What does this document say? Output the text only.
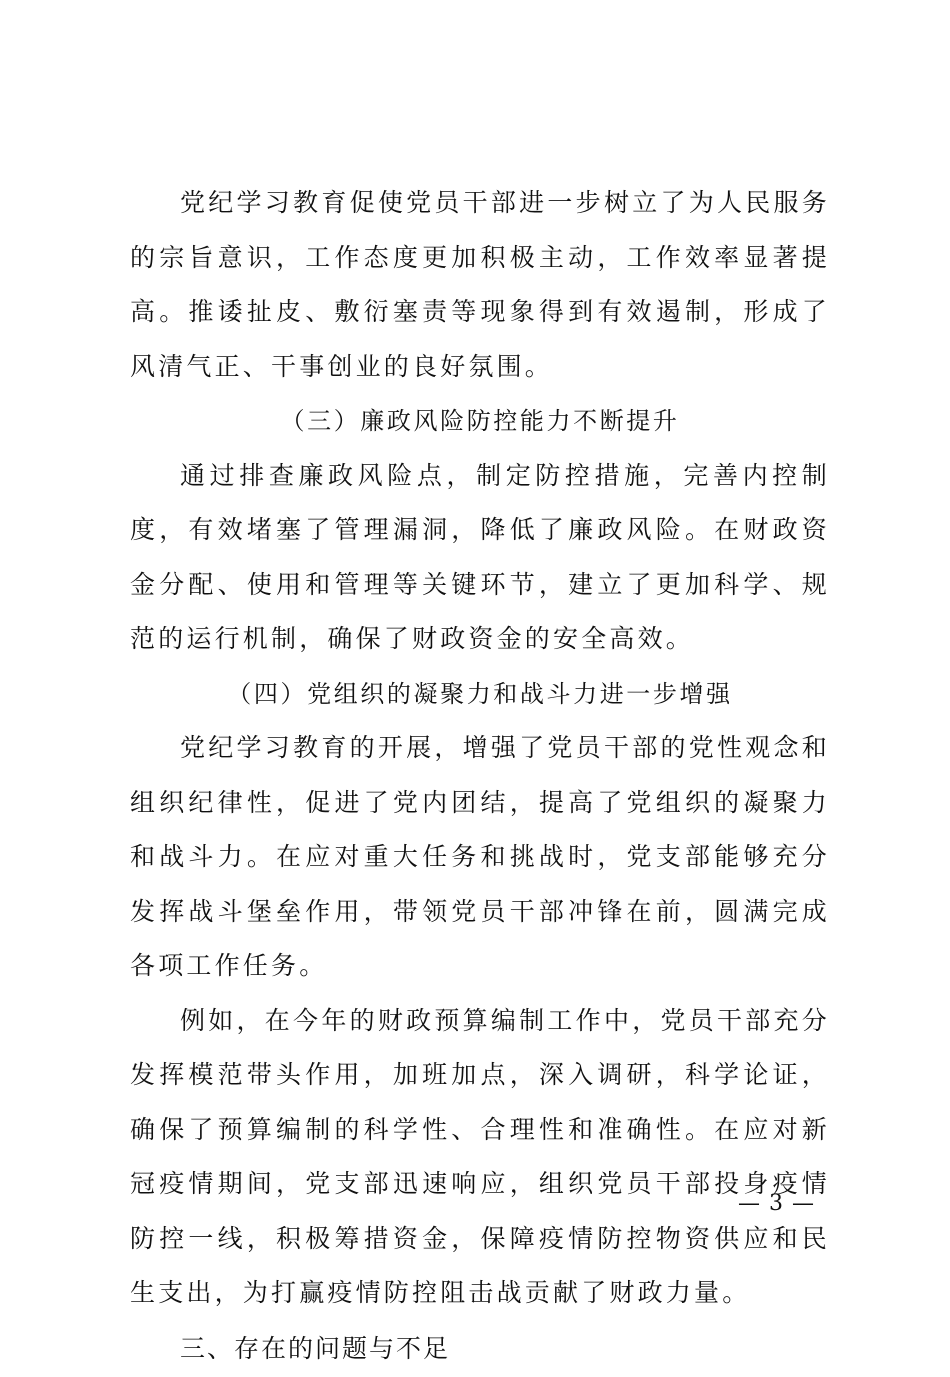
党纪学习教育促使党员干部进一步树立了为人民服务的宗旨意识，工作态度更加积极主动，工作效率显著提高。推诿扯皮、敷衍塞责等现象得到有效遏制，形成了风清气正、干事创业的良好氛围。

（三）廉政风险防控能力不断提升

通过排查廉政风险点，制定防控措施，完善内控制度，有效堵塞了管理漏洞，降低了廉政风险。在财政资金分配、使用和管理等关键环节，建立了更加科学、规范的运行机制，确保了财政资金的安全高效。

（四）党组织的凝聚力和战斗力进一步增强

党纪学习教育的开展，增强了党员干部的党性观念和组织纪律性，促进了党内团结，提高了党组织的凝聚力和战斗力。在应对重大任务和挑战时，党支部能够充分发挥战斗堡垒作用，带领党员干部冲锋在前，圆满完成各项工作任务。

例如，在今年的财政预算编制工作中，党员干部充分发挥模范带头作用，加班加点，深入调研，科学论证，确保了预算编制的科学性、合理性和准确性。在应对新冠疫情期间，党支部迅速响应，组织党员干部投身疫情防控一线，积极筹措资金，保障疫情防控物资供应和民生支出，为打赢疫情防控阻击战贡献了财政力量。

三、存在的问题与不足

— 3 —
